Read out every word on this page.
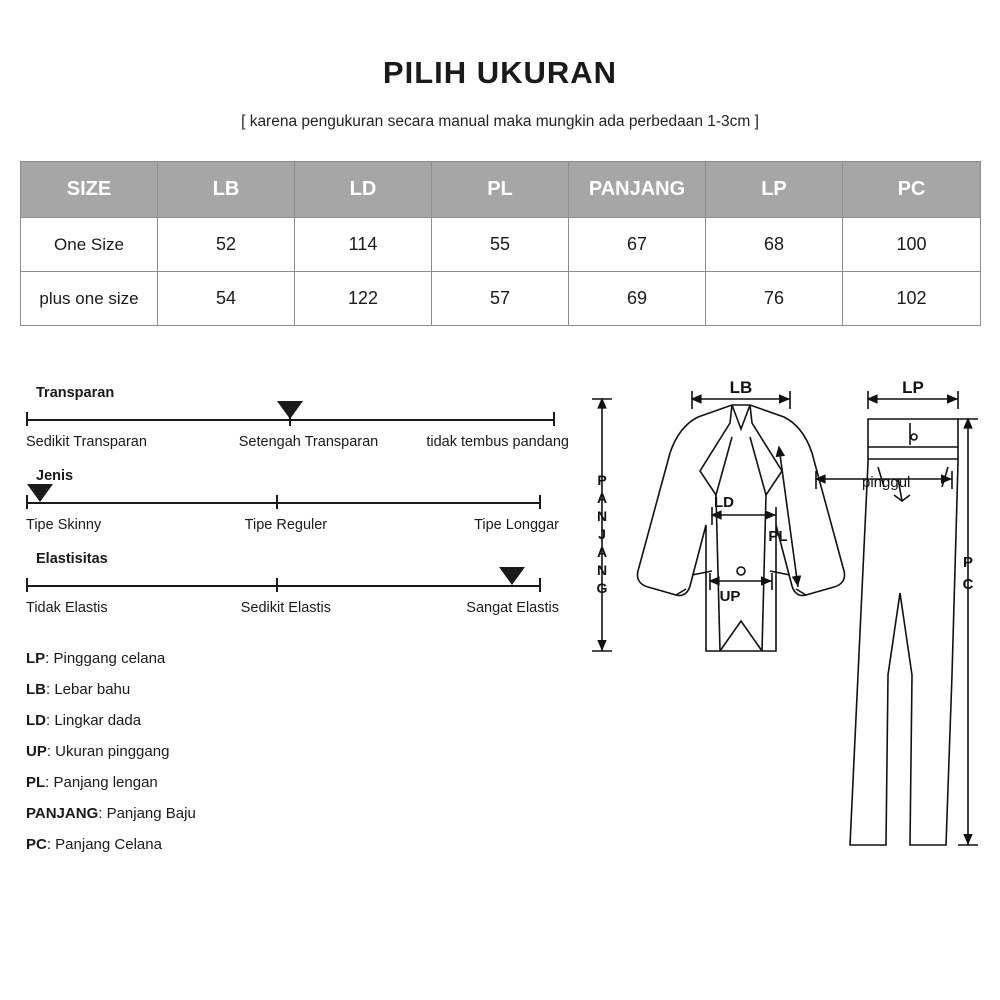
PILIH UKURAN
[ karena pengukuran secara manual maka mungkin ada perbedaan 1-3cm ]
SIZE	LB	LD	PL	PANJANG	LP	PC
One Size	52	114	55	67	68	100
plus one size	54	122	57	69	76	102
Transparan
Sedikit Transparan	Setengah Transparan	tidak tembus pandang
Jenis
Tipe Skinny	Tipe Reguler	Tipe Longgar
Elastisitas
Tidak Elastis	Sedikit Elastis	Sangat Elastis
LP: Pinggang celana
LB: Lebar bahu
LD: Lingkar dada
UP: Ukuran pinggang
PL: Panjang lengan
PANJANG: Panjang Baju
PC: Panjang Celana
LB	LP
LD
PL
UP
pinggul
P
C
P
A
N
J
A
N
G
